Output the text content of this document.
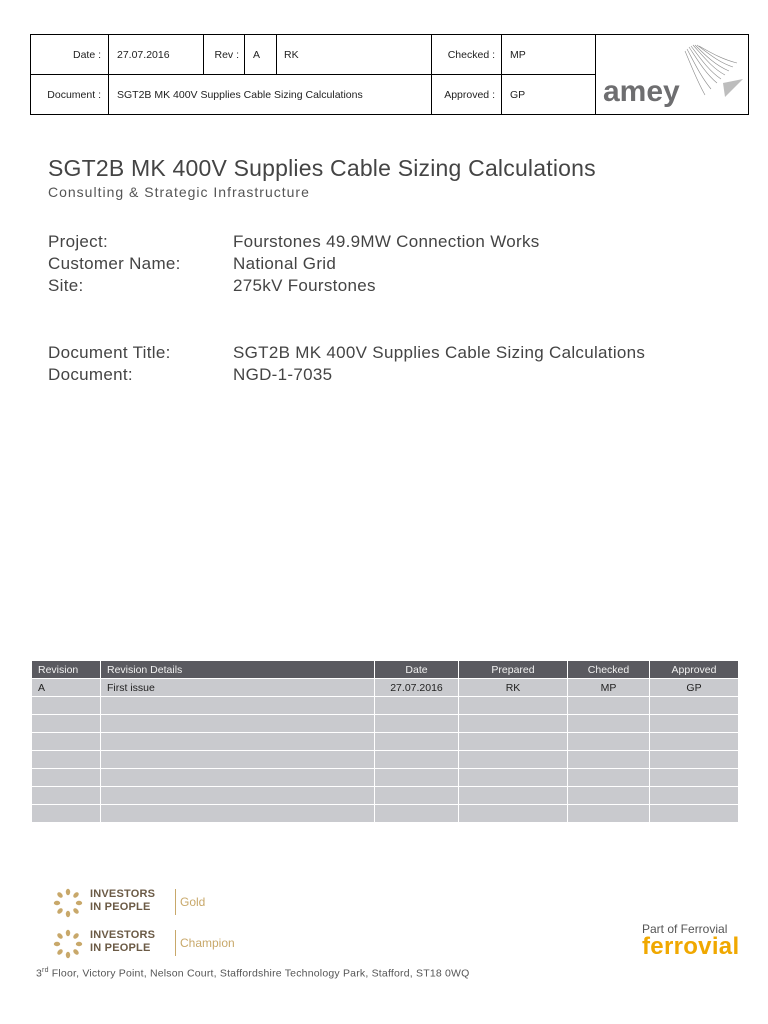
Date : 27.07.2016	Rev : A RK	Checked : MP
Document : SGT2B MK 400V Supplies Cable Sizing Calculations	Approved : GP	amey
SGT2B MK 400V Supplies Cable Sizing Calculations
Consulting & Strategic Infrastructure
Project:	Fourstones 49.9MW Connection Works
Customer Name:	National Grid
Site:	275kV Fourstones
Document Title:	SGT2B MK 400V Supplies Cable Sizing Calculations
Document:	NGD-1-7035
Revision	Revision Details	Date	Prepared	Checked	Approved
A	First issue	27.07.2016	RK	MP	GP

INVESTORS
IN PEOPLE Gold
INVESTORS
IN PEOPLE Champion
Part of Ferrovial
ferrovial
3rd Floor, Victory Point, Nelson Court, Staffordshire Technology Park, Stafford, ST18 0WQ
